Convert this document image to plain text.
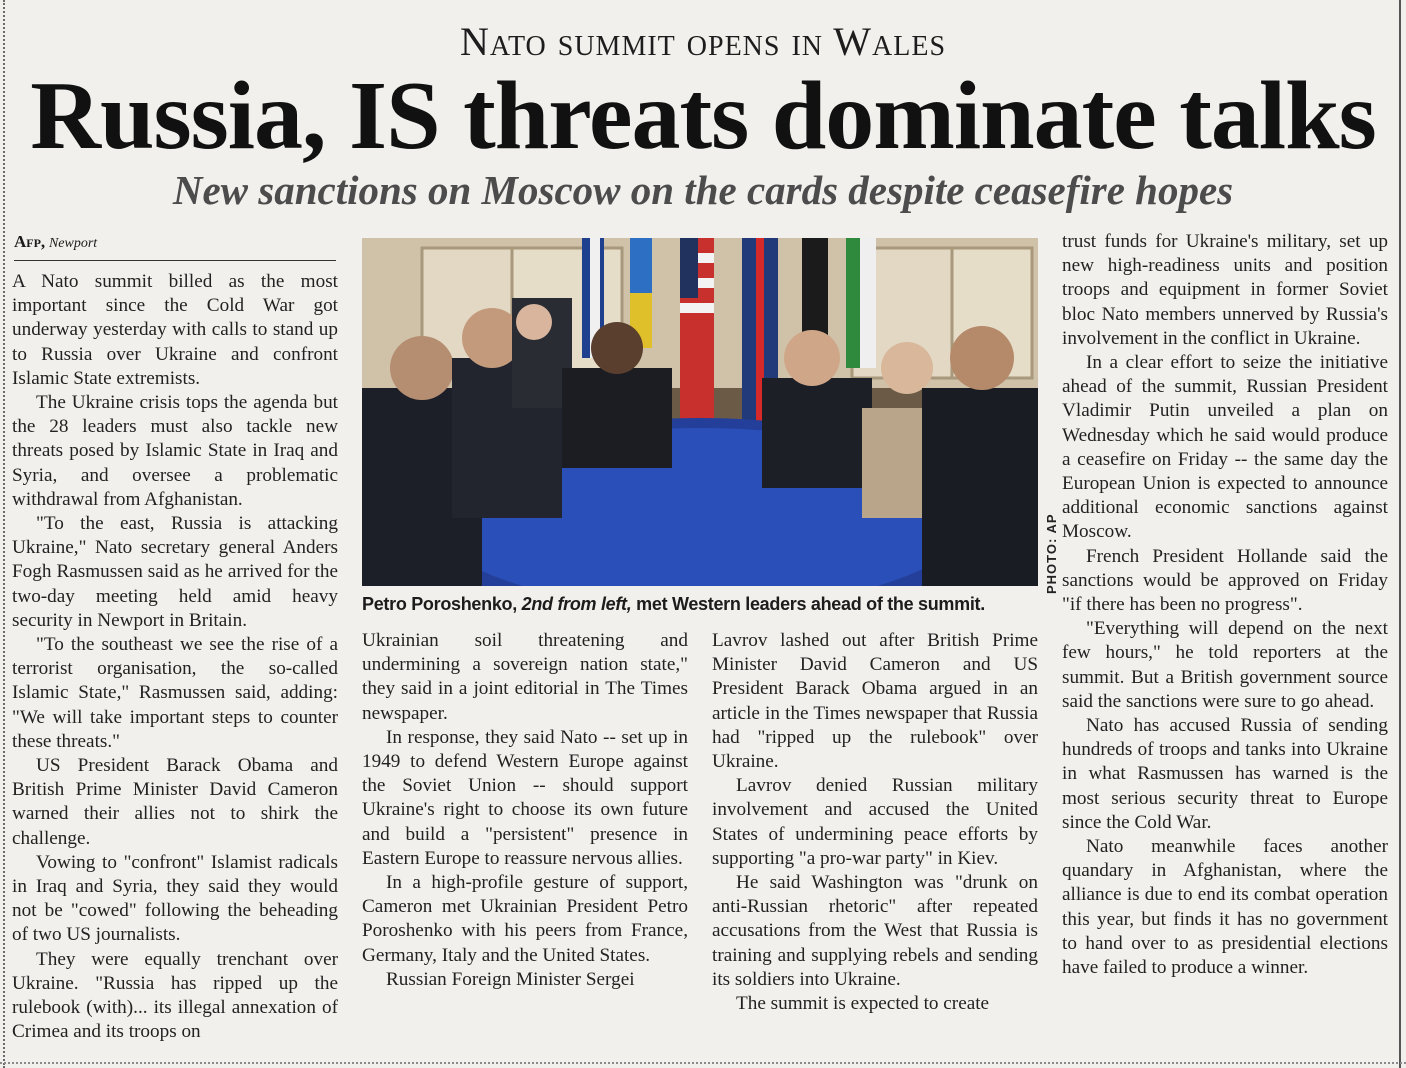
Nato summit opens in Wales
Russia, IS threats dominate talks
New sanctions on Moscow on the cards despite ceasefire hopes
Afp, Newport

A Nato summit billed as the most important since the Cold War got underway yesterday with calls to stand up to Russia over Ukraine and confront Islamic State extremists.

The Ukraine crisis tops the agenda but the 28 leaders must also tackle new threats posed by Islamic State in Iraq and Syria, and oversee a problematic withdrawal from Afghanistan.

"To the east, Russia is attacking Ukraine," Nato secretary general Anders Fogh Rasmussen said as he arrived for the two-day meeting held amid heavy security in Newport in Britain.

"To the southeast we see the rise of a terrorist organisation, the so-called Islamic State," Rasmussen said, adding: "We will take important steps to counter these threats."

US President Barack Obama and British Prime Minister David Cameron warned their allies not to shirk the challenge.

Vowing to "confront" Islamist radicals in Iraq and Syria, they said they would not be "cowed" following the beheading of two US journalists.

They were equally trenchant over Ukraine. "Russia has ripped up the rulebook (with)... its illegal annexation of Crimea and its troops on

PHOTO: AP
Petro Poroshenko, 2nd from left, met Western leaders ahead of the summit.

Ukrainian soil threatening and undermining a sovereign nation state," they said in a joint editorial in The Times newspaper.

In response, they said Nato -- set up in 1949 to defend Western Europe against the Soviet Union -- should support Ukraine's right to choose its own future and build a "persistent" presence in Eastern Europe to reassure nervous allies.

In a high-profile gesture of support, Cameron met Ukrainian President Petro Poroshenko with his peers from France, Germany, Italy and the United States.

Russian Foreign Minister Sergei

Lavrov lashed out after British Prime Minister David Cameron and US President Barack Obama argued in an article in the Times newspaper that Russia had "ripped up the rulebook" over Ukraine.

Lavrov denied Russian military involvement and accused the United States of undermining peace efforts by supporting "a pro-war party" in Kiev.

He said Washington was "drunk on anti-Russian rhetoric" after repeated accusations from the West that Russia is training and supplying rebels and sending its soldiers into Ukraine.

The summit is expected to create

trust funds for Ukraine's military, set up new high-readiness units and position troops and equipment in former Soviet bloc Nato members unnerved by Russia's involvement in the conflict in Ukraine.

In a clear effort to seize the initiative ahead of the summit, Russian President Vladimir Putin unveiled a plan on Wednesday which he said would produce a ceasefire on Friday -- the same day the European Union is expected to announce additional economic sanctions against Moscow.

French President Hollande said the sanctions would be approved on Friday "if there has been no progress".

"Everything will depend on the next few hours," he told reporters at the summit. But a British government source said the sanctions were sure to go ahead.

Nato has accused Russia of sending hundreds of troops and tanks into Ukraine in what Rasmussen has warned is the most serious security threat to Europe since the Cold War.

Nato meanwhile faces another quandary in Afghanistan, where the alliance is due to end its combat operation this year, but finds it has no government to hand over to as presidential elections have failed to produce a winner.
